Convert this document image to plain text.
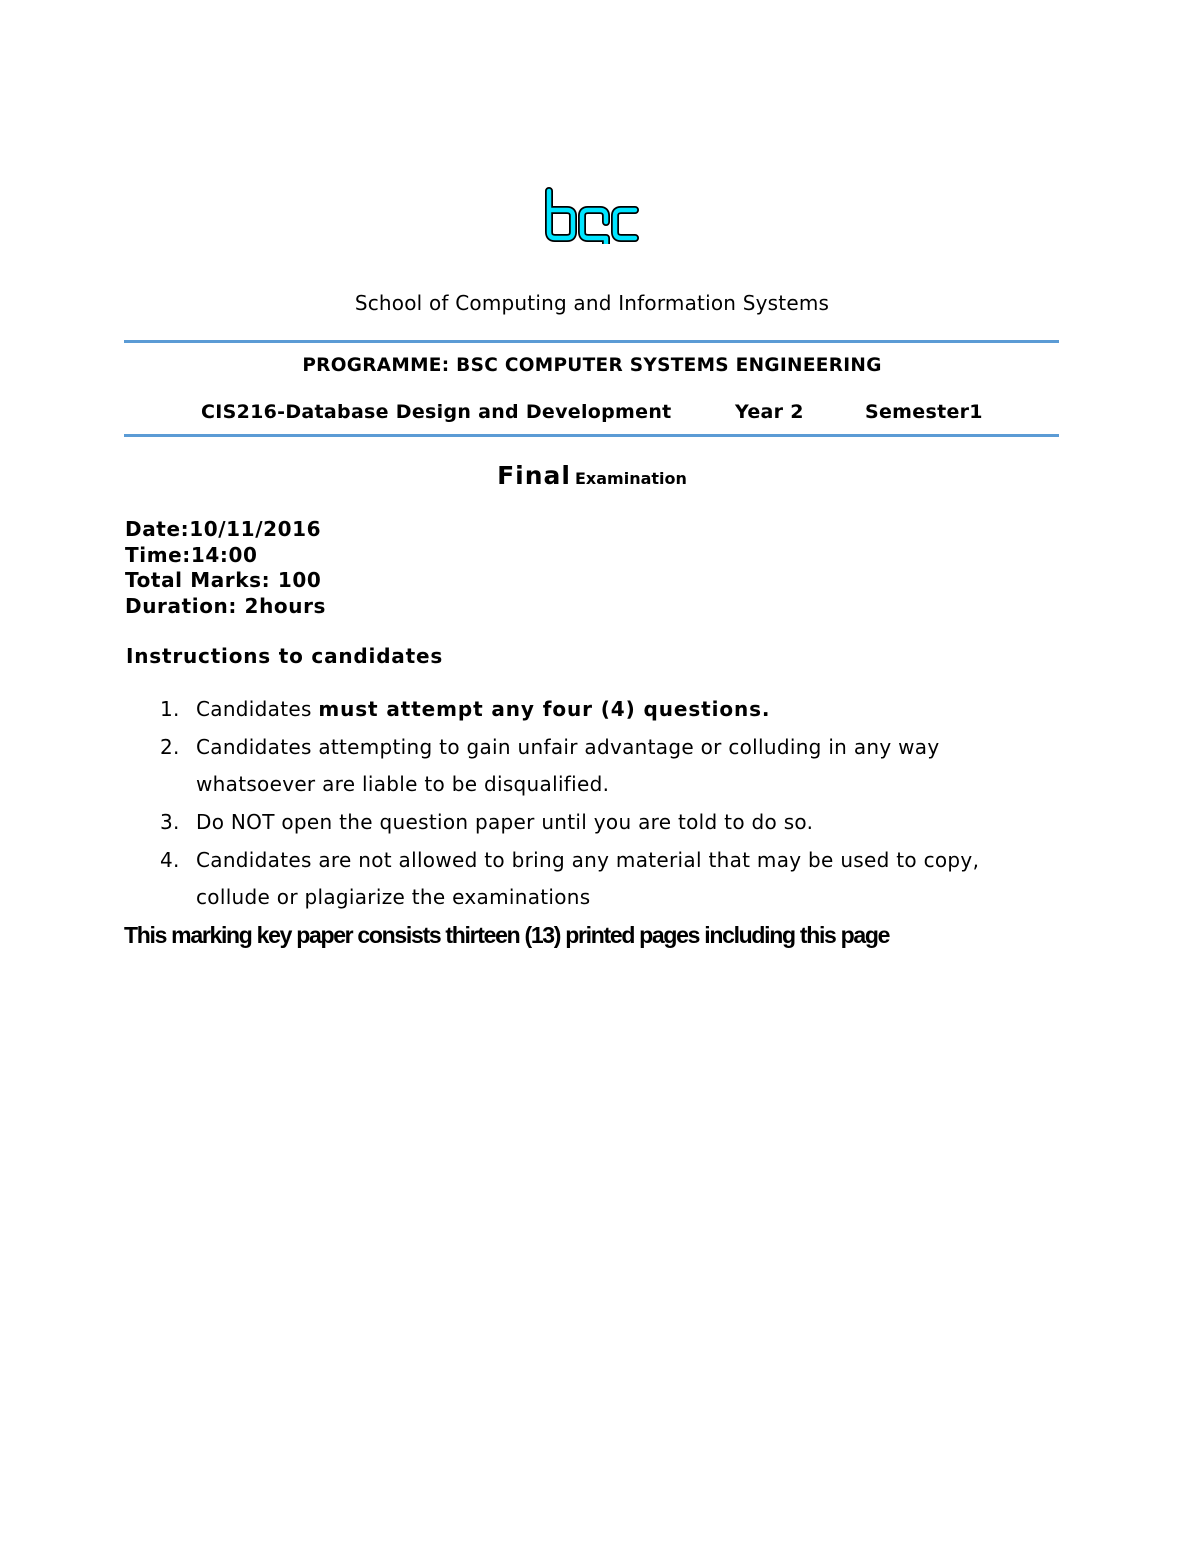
School of Computing and Information Systems
PROGRAMME: BSC COMPUTER SYSTEMS ENGINEERING
CIS216-Database Design and Development	Year 2	Semester1
Final Examination
Date:10/11/2016
Time:14:00
Total Marks: 100
Duration: 2hours
Instructions to candidates
1. Candidates must attempt any four (4) questions.
2. Candidates attempting to gain unfair advantage or colluding in any way whatsoever are liable to be disqualified.
3. Do NOT open the question paper until you are told to do so.
4. Candidates are not allowed to bring any material that may be used to copy, collude or plagiarize the examinations
This marking key paper consists thirteen (13) printed pages including this page
